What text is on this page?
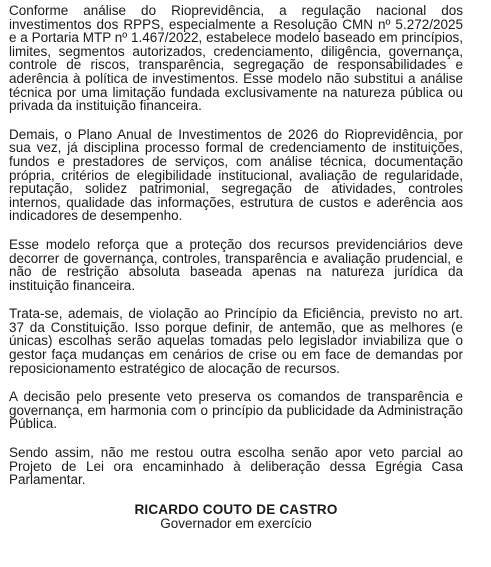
Conforme análise do Rioprevidência, a regulação nacional dos investimentos dos RPPS, especialmente a Resolução CMN nº 5.272/2025 e a Portaria MTP nº 1.467/2022, estabelece modelo baseado em princípios, limites, segmentos autorizados, credenciamento, diligência, governança, controle de riscos, transparência, segregação de responsabilidades e aderência à política de investimentos. Esse modelo não substitui a análise técnica por uma limitação fundada exclusivamente na natureza pública ou privada da instituição financeira.

Demais, o Plano Anual de Investimentos de 2026 do Rioprevidência, por sua vez, já disciplina processo formal de credenciamento de instituições, fundos e prestadores de serviços, com análise técnica, documentação própria, critérios de elegibilidade institucional, avaliação de regularidade, reputação, solidez patrimonial, segregação de atividades, controles internos, qualidade das informações, estrutura de custos e aderência aos indicadores de desempenho.

Esse modelo reforça que a proteção dos recursos previdenciários deve decorrer de governança, controles, transparência e avaliação prudencial, e não de restrição absoluta baseada apenas na natureza jurídica da instituição financeira.

Trata-se, ademais, de violação ao Princípio da Eficiência, previsto no art. 37 da Constituição. Isso porque definir, de antemão, que as melhores (e únicas) escolhas serão aquelas tomadas pelo legislador inviabiliza que o gestor faça mudanças em cenários de crise ou em face de demandas por reposicionamento estratégico de alocação de recursos.

A decisão pelo presente veto preserva os comandos de transparência e governança, em harmonia com o princípio da publicidade da Administração Pública.

Sendo assim, não me restou outra escolha senão apor veto parcial ao Projeto de Lei ora encaminhado à deliberação dessa Egrégia Casa Parlamentar.

RICARDO COUTO DE CASTRO
Governador em exercício
